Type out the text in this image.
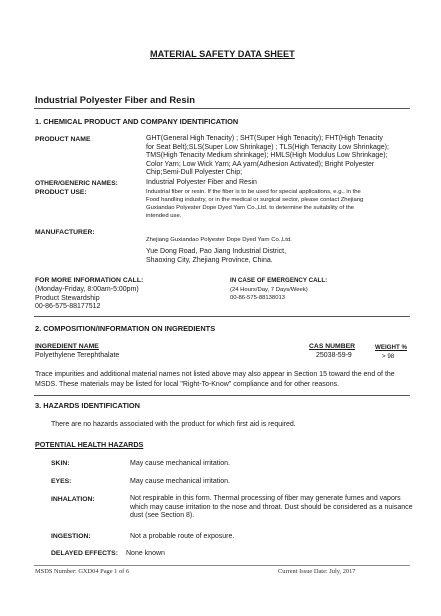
MATERIAL SAFETY DATA SHEET
Industrial Polyester Fiber and Resin
1. CHEMICAL PRODUCT AND COMPANY IDENTIFICATION
PRODUCT NAME	GHT(General High Tenacity) ; SHT(Super High Tenacity); FHT(High Tenacity
for Seat Belt);SLS(Super Low Shrinkage) ; TLS(High Tenacity Low Shrinkage);
TMS(High Tenacity Medium shrinkage); HMLS(High Modulus Low Shrinkage);
Color Yarn; Low Wick Yarn; AA yarn(Adhesion Activated); Bright Polyester
Chip;Semi-Dull Polyester Chip;
OTHER/GENERIC NAMES:	Industrial Polyester Fiber and Resin
PRODUCT USE:	Industrial fiber or resin. If the fiber is to be used for special applications, e.g., in the
Food handling industry, or in the medical or surgical sector, please contact Zhejiang
Guxiandao Polyester Dope Dyed Yarn Co.,Ltd. to determine the suitability of the
intended use.
MANUFACTURER:
Zhejiang Guxiandao Polyester Dope Dyed Yarn Co.,Ltd.
Yue Dong Road, Pao Jiang Industrial District,
Shaoxing City, Zhejiang Province, China.
FOR MORE INFORMATION CALL:
(Monday-Friday, 8:00am-5:00pm)
Product Stewardship
00-86-575-88177512
IN CASE OF EMERGENCY CALL:
(24 Hours/Day, 7 Days/Week)
00-86-575-88138013
2. COMPOSITION/INFORMATION ON INGREDIENTS
INGREDIENT NAME	CAS NUMBER	WEIGHT %
Polyethylene Terephthalate	25038-59-9	> 98
Trace impurities and additional material names not listed above may also appear in Section 15 toward the end of the MSDS. These materials may be listed for local "Right-To-Know" compliance and for other reasons.
3. HAZARDS IDENTIFICATION
There are no hazards associated with the product for which first aid is required.
POTENTIAL HEALTH HAZARDS
SKIN:	May cause mechanical irritation.
EYES:	May cause mechanical irritation.
INHALATION:	Not respirable in this form. Thermal processing of fiber may generate fumes and vapors which may cause irritation to the nose and throat. Dust should be considered as a nuisance dust (see Section 8).
INGESTION:	Not a probable route of exposure.
DELAYED EFFECTS: None known
MSDS Number: GXD04 Page 1 of 6	Current Issue Date: July, 2017
